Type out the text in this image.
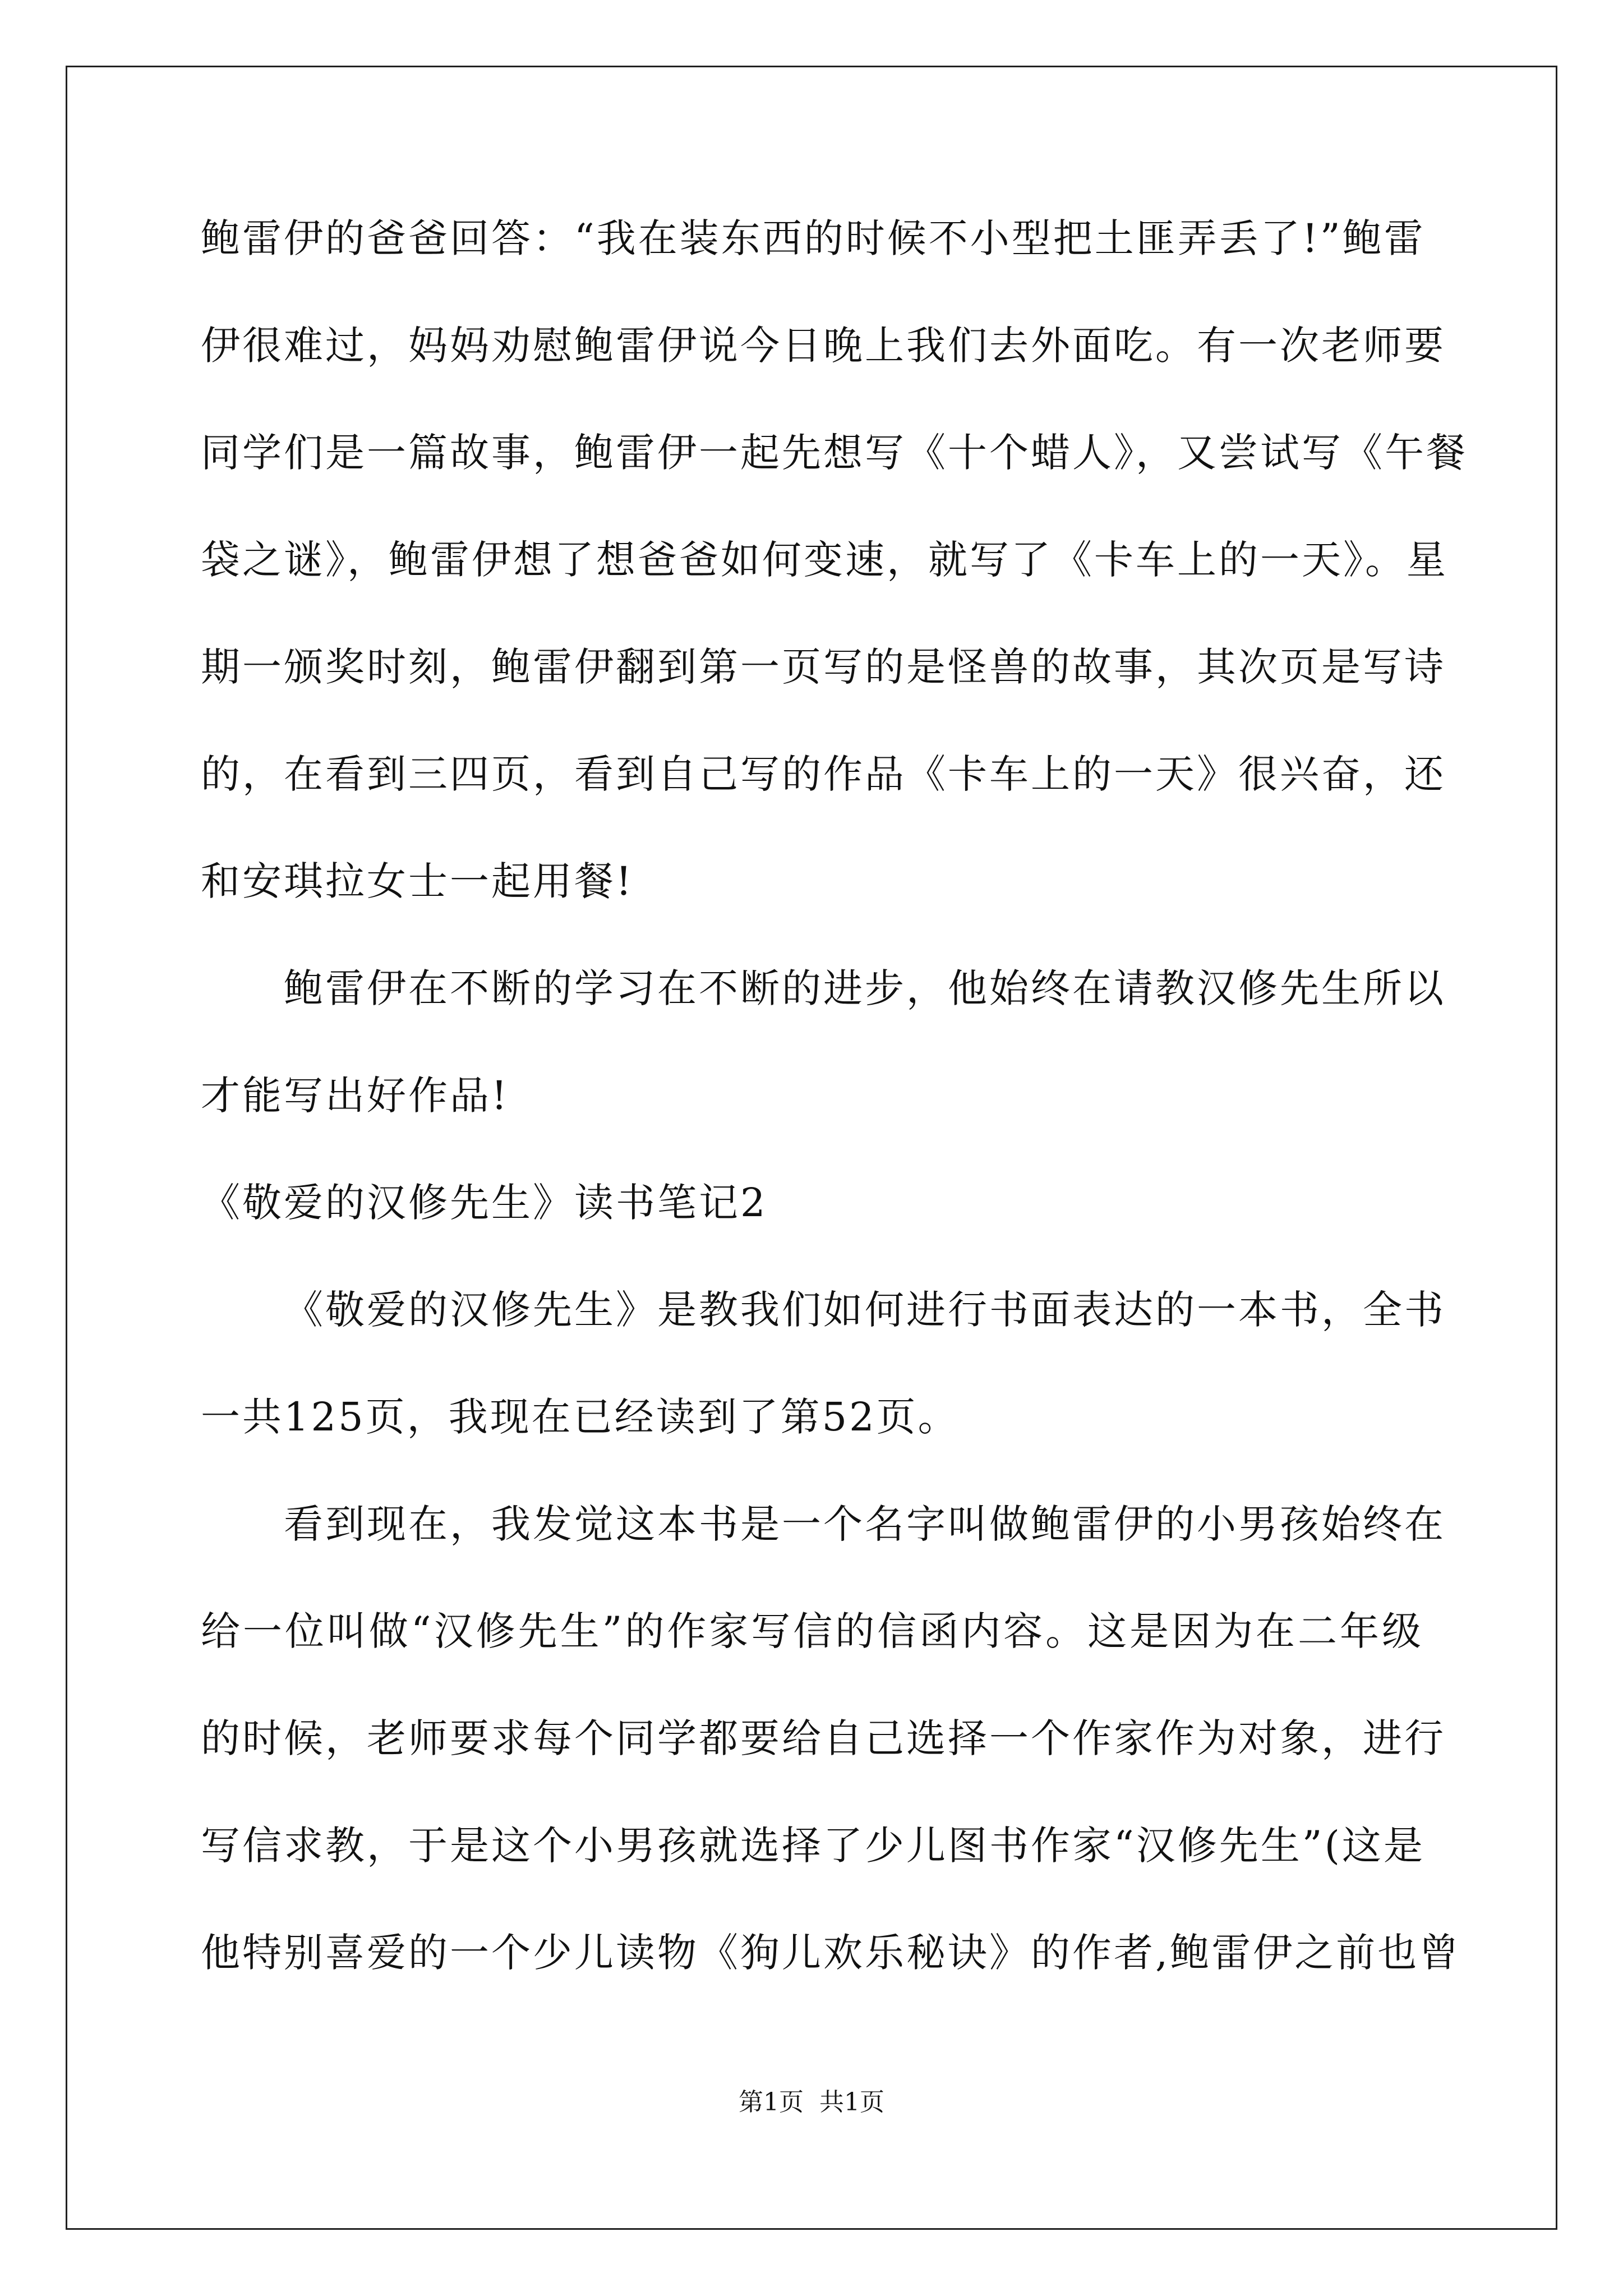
鲍雷伊的爸爸回答：“我在装东西的时候不小型把土匪弄丢了!”鲍雷
伊很难过，妈妈劝慰鲍雷伊说今日晚上我们去外面吃。有一次老师要
同学们是一篇故事，鲍雷伊一起先想写《十个蜡人》，又尝试写《午餐
袋之谜》，鲍雷伊想了想爸爸如何变速，就写了《卡车上的一天》。星
期一颁奖时刻，鲍雷伊翻到第一页写的是怪兽的故事，其次页是写诗
的，在看到三四页，看到自己写的作品《卡车上的一天》很兴奋，还
和安琪拉女士一起用餐!
鲍雷伊在不断的学习在不断的进步，他始终在请教汉修先生所以
才能写出好作品!
《敬爱的汉修先生》读书笔记2
《敬爱的汉修先生》是教我们如何进行书面表达的一本书，全书
一共125页，我现在已经读到了第52页。
看到现在，我发觉这本书是一个名字叫做鲍雷伊的小男孩始终在
给一位叫做“汉修先生”的作家写信的信函内容。这是因为在二年级
的时候，老师要求每个同学都要给自己选择一个作家作为对象，进行
写信求教，于是这个小男孩就选择了少儿图书作家“汉修先生”(这是
他特别喜爱的一个少儿读物《狗儿欢乐秘诀》的作者,鲍雷伊之前也曾
第1页 共1页
